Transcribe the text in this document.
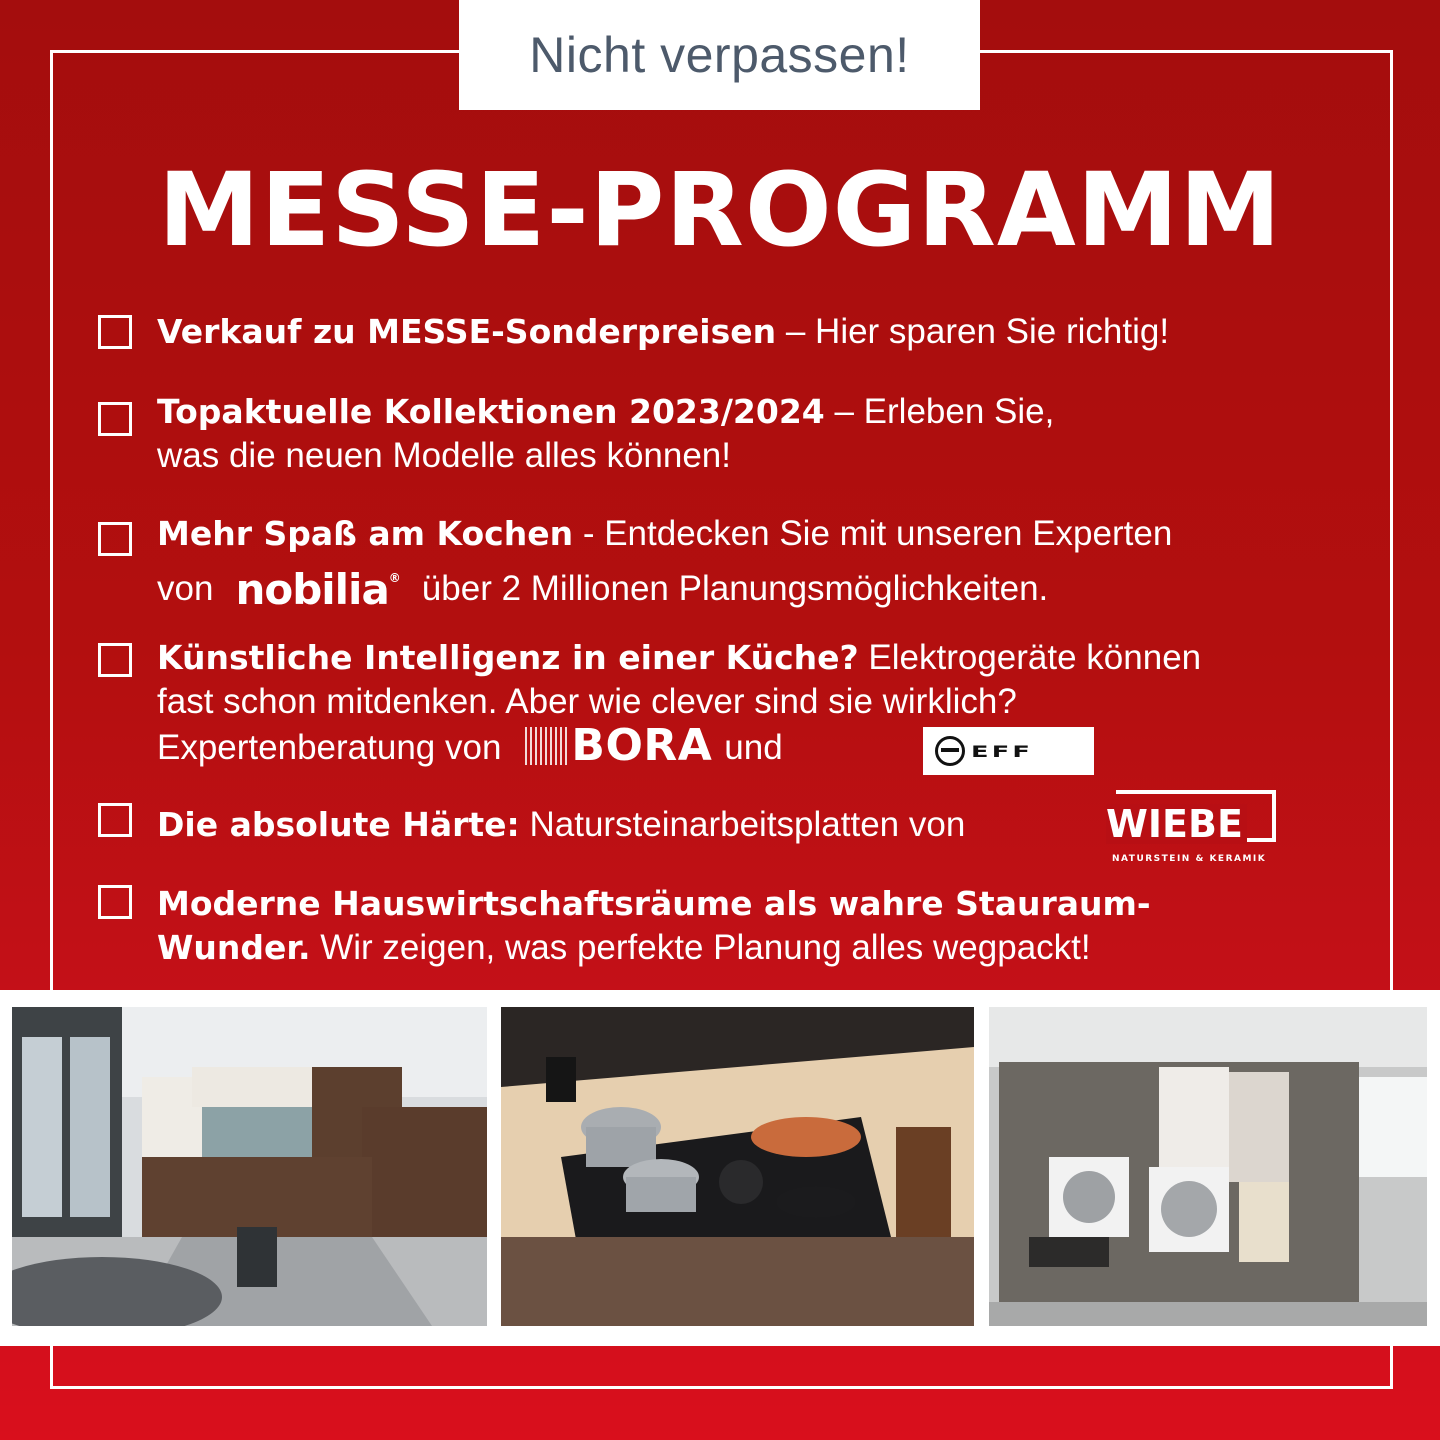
Nicht verpassen!
MESSE-PROGRAMM
Verkauf zu MESSE-Sonderpreisen – Hier sparen Sie richtig!
Topaktuelle Kollektionen 2023/2024 – Erleben Sie,
was die neuen Modelle alles können!
Mehr Spaß am Kochen - Entdecken Sie mit unseren Experten
von nobilia® über 2 Millionen Planungsmöglichkeiten.
Künstliche Intelligenz in einer Küche? Elektrogeräte können
fast schon mitdenken. Aber wie clever sind sie wirklich?
Expertenberatung von BORA und	EFF
Die absolute Härte: Natursteinarbeitsplatten von	WIEBE
NATURSTEIN & KERAMIK
Moderne Hauswirtschaftsräume als wahre Stauraum-
Wunder. Wir zeigen, was perfekte Planung alles wegpackt!
